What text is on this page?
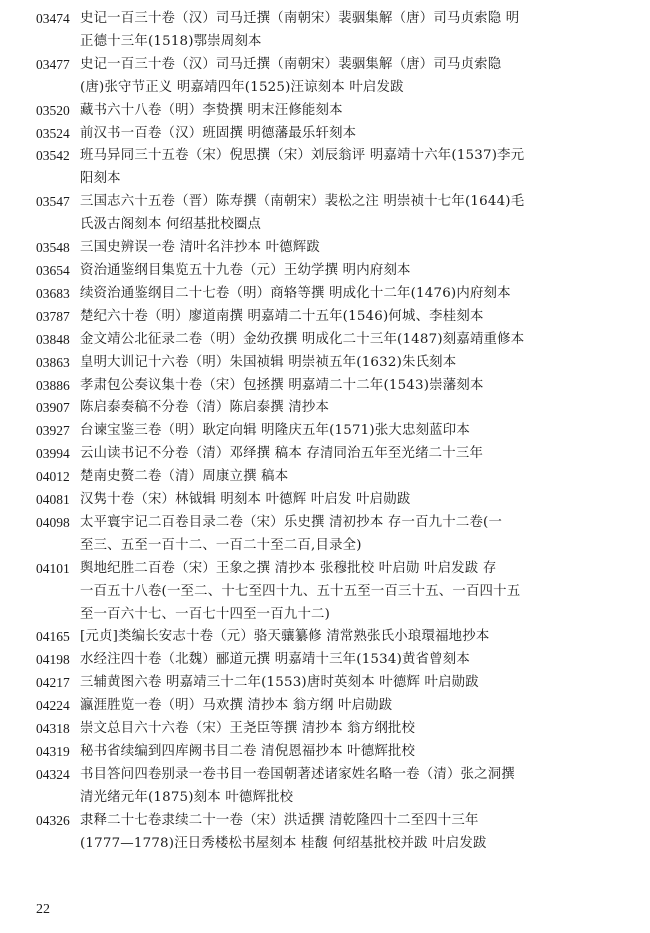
03474 史记一百三十卷（汉）司马迁撰（南朝宋）裴骃集解（唐）司马贞索隐 明
正德十三年(1518)鄂崇周刻本
03477 史记一百三十卷（汉）司马迁撰（南朝宋）裴骃集解（唐）司马贞索隐
(唐)张守节正义 明嘉靖四年(1525)汪谅刻本 叶启发跋
03520 藏书六十八卷（明）李贽撰 明末汪修能刻本
03524 前汉书一百卷（汉）班固撰 明德藩最乐轩刻本
03542 班马异同三十五卷（宋）倪思撰（宋）刘辰翁评 明嘉靖十六年(1537)李元
阳刻本
03547 三国志六十五卷（晋）陈寿撰（南朝宋）裴松之注 明崇祯十七年(1644)毛
氏汲古阁刻本 何绍基批校圈点
03548 三国史辨误一卷 清叶名沣抄本 叶德辉跋
03654 资治通鉴纲目集览五十九卷（元）王幼学撰 明内府刻本
03683 续资治通鉴纲目二十七卷（明）商辂等撰 明成化十二年(1476)内府刻本
03787 楚纪六十卷（明）廖道南撰 明嘉靖二十五年(1546)何城、李桂刻本
03848 金文靖公北征录二卷（明）金幼孜撰 明成化二十三年(1487)刻嘉靖重修本
03863 皇明大训记十六卷（明）朱国祯辑 明崇祯五年(1632)朱氏刻本
03886 孝肃包公奏议集十卷（宋）包拯撰 明嘉靖二十二年(1543)崇藩刻本
03907 陈启泰奏稿不分卷（清）陈启泰撰 清抄本
03927 台谏宝鉴三卷（明）耿定向辑 明隆庆五年(1571)张大忠刻蓝印本
03994 云山读书记不分卷（清）邓绎撰 稿本 存清同治五年至光绪二十三年
04012 楚南史赘二卷（清）周康立撰 稿本
04081 汉隽十卷（宋）林钺辑 明刻本 叶德辉 叶启发 叶启勋跋
04098 太平寰宇记二百卷目录二卷（宋）乐史撰 清初抄本 存一百九十二卷(一
至三、五至一百十二、一百二十至二百,目录全)
04101 舆地纪胜二百卷（宋）王象之撰 清抄本 张穆批校 叶启勋 叶启发跋 存
一百五十八卷(一至二、十七至四十九、五十五至一百三十五、一百四十五
至一百六十七、一百七十四至一百九十二)
04165 [元贞]类编长安志十卷（元）骆天骧纂修 清常熟张氏小琅環福地抄本
04198 水经注四十卷（北魏）郦道元撰 明嘉靖十三年(1534)黄省曾刻本
04217 三辅黄图六卷 明嘉靖三十二年(1553)唐时英刻本 叶德辉 叶启勋跋
04224 瀛涯胜览一卷（明）马欢撰 清抄本 翁方纲 叶启勋跋
04318 崇文总目六十六卷（宋）王尧臣等撰 清抄本 翁方纲批校
04319 秘书省续编到四库阙书目二卷 清倪恩福抄本 叶德辉批校
04324 书目答问四卷别录一卷书目一卷国朝著述诸家姓名略一卷（清）张之洞撰
清光绪元年(1875)刻本 叶德辉批校
04326 隶释二十七卷隶续二十一卷（宋）洪适撰 清乾隆四十二至四十三年
(1777—1778)汪日秀楼松书屋刻本 桂馥 何绍基批校并跋 叶启发跋
22
